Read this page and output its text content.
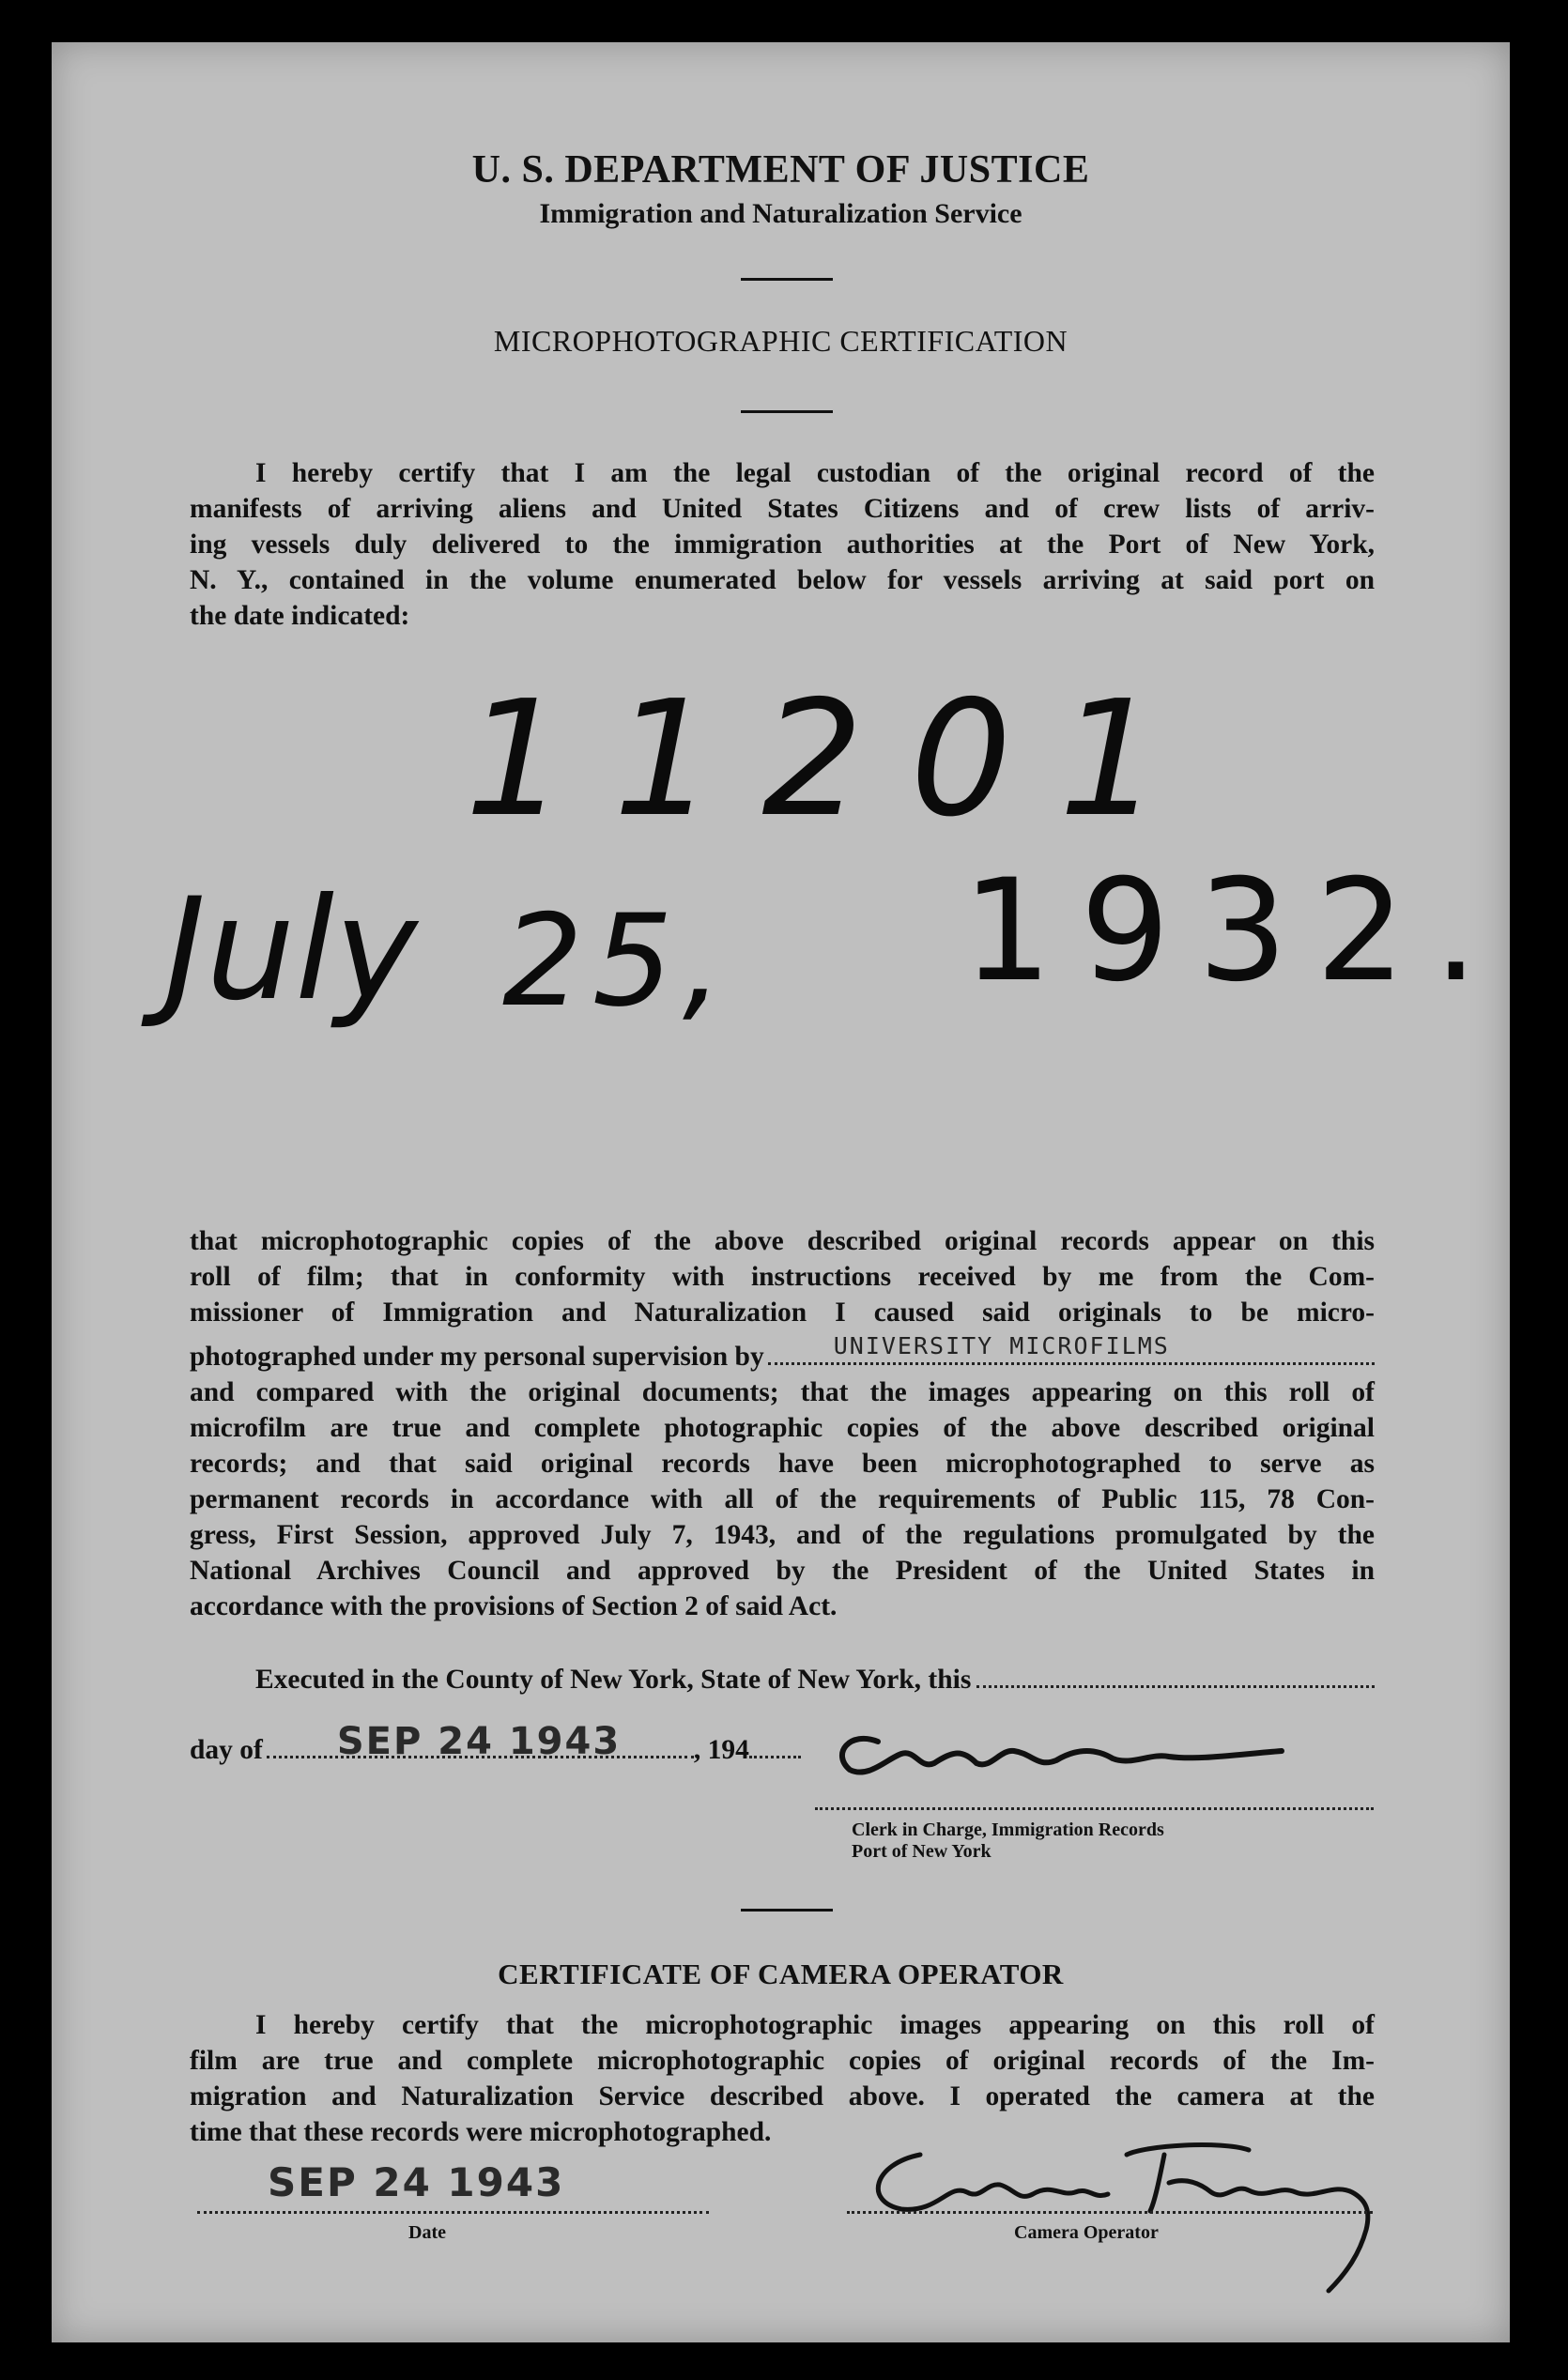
U. S. DEPARTMENT OF JUSTICE
Immigration and Naturalization Service
MICROPHOTOGRAPHIC CERTIFICATION
I hereby certify that I am the legal custodian of the original record of the
manifests of arriving aliens and United States Citizens and of crew lists of arriv-
ing vessels duly delivered to the immigration authorities at the Port of New York,
N. Y., contained in the volume enumerated below for vessels arriving at said port on
the date indicated:
11201
July 25, 1932.
that microphotographic copies of the above described original records appear on this
roll of film; that in conformity with instructions received by me from the Com-
missioner of Immigration and Naturalization I caused said originals to be micro-
photographed under my personal supervision by	UNIVERSITY MICROFILMS
and compared with the original documents; that the images appearing on this roll of
microfilm are true and complete photographic copies of the above described original
records; and that said original records have been microphotographed to serve as
permanent records in accordance with all of the requirements of Public 115, 78 Con-
gress, First Session, approved July 7, 1943, and of the regulations promulgated by the
National Archives Council and approved by the President of the United States in
accordance with the provisions of Section 2 of said Act.
Executed in the County of New York, State of New York, this
day of SEP 24 1943	, 194
Clerk in Charge, Immigration Records
Port of New York
CERTIFICATE OF CAMERA OPERATOR
I hereby certify that the microphotographic images appearing on this roll of
film are true and complete microphotographic copies of original records of the Im-
migration and Naturalization Service described above. I operated the camera at the
time that these records were microphotographed.
SEP 24 1943
Date	Camera Operator
